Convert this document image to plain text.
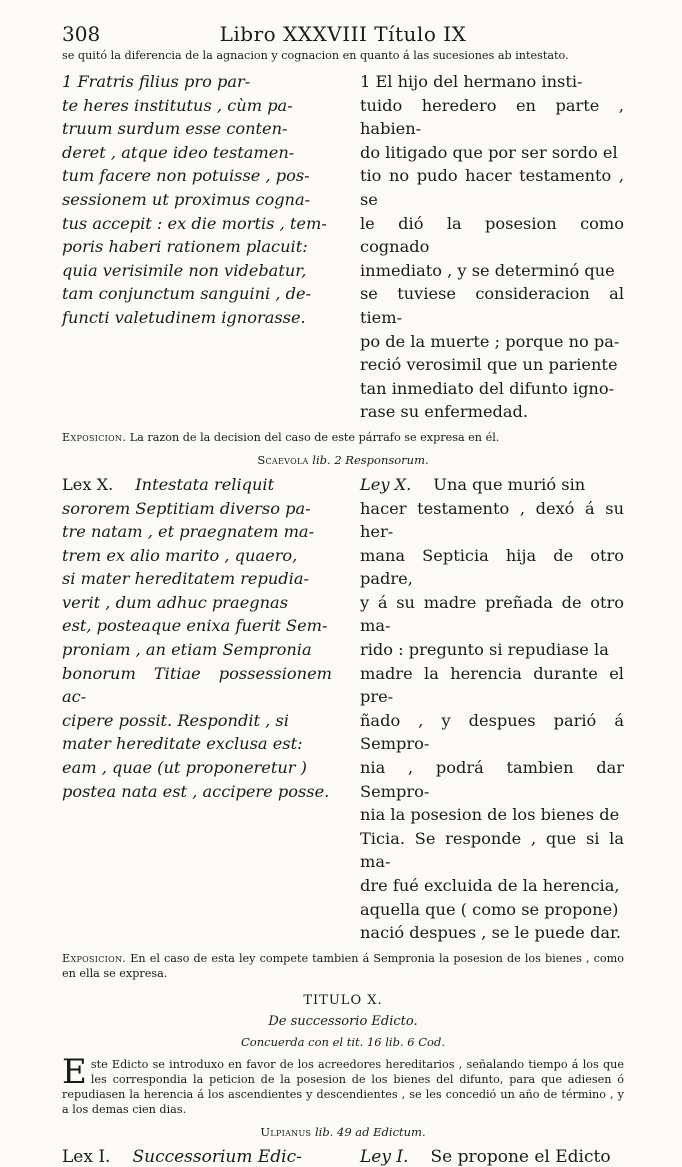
308	Libro XXXVIII Título IX
se quitó la diferencia de la agnacion y cognacion en quanto á las sucesiones ab intestato.
1 Fratris filius pro par-
te heres institutus , cùm pa-
truum surdum esse conten-
deret , atque ideo testamen-
tum facere non potuisse , pos-
sessionem ut proximus cogna-
tus accepit : ex die mortis , tem-
poris haberi rationem placuit:
quia verisimile non videbatur,
tam conjunctum sanguini , de-
functi valetudinem ignorasse.
1 El hijo del hermano insti-
tuido heredero en parte , habien-
do litigado que por ser sordo el
tio no pudo hacer testamento , se
le dió la posesion como cognado
inmediato , y se determinó que
se tuviese consideracion al tiem-
po de la muerte ; porque no pa-
reció verosimil que un pariente
tan inmediato del difunto igno-
rase su enfermedad.
Exposicion. La razon de la decision del caso de este párrafo se expresa en él.
Scaevola lib. 2 Responsorum.
Lex X. Intestata reliquit
sororem Septitiam diverso pa-
tre natam , et praegnatem ma-
trem ex alio marito , quaero,
si mater hereditatem repudia-
verit , dum adhuc praegnas
est, posteaque enixa fuerit Sem-
proniam , an etiam Sempronia
bonorum Titiae possessionem ac-
cipere possit. Respondit , si
mater hereditate exclusa est:
eam , quae (ut proponeretur )
postea nata est , accipere posse.
Ley X. Una que murió sin
hacer testamento , dexó á su her-
mana Septicia hija de otro padre,
y á su madre preñada de otro ma-
rido : pregunto si repudiase la
madre la herencia durante el pre-
ñado , y despues parió á Sempro-
nia , podrá tambien dar Sempro-
nia la posesion de los bienes de
Ticia. Se responde , que si la ma-
dre fué excluida de la herencia,
aquella que ( como se propone)
nació despues , se le puede dar.
Exposicion. En el caso de esta ley compete tambien á Sempronia la posesion de los bienes , como en ella se expresa.
TITULO X.
De successorio Edicto.
Concuerda con el tit. 16 lib. 6 Cod.
Este Edicto se introduxo en favor de los acreedores hereditarios , señalando tiempo á los que les correspondia la peticion de la posesion de los bienes del difunto, para que adiesen ó repudiasen la herencia á los ascendientes y descendientes , se les concedió un año de término , y a los demas cien dias.
Ulpianus lib. 49 ad Edictum.
Lex I. Successorium Edic-	Ley I. Se propone el Edicto
